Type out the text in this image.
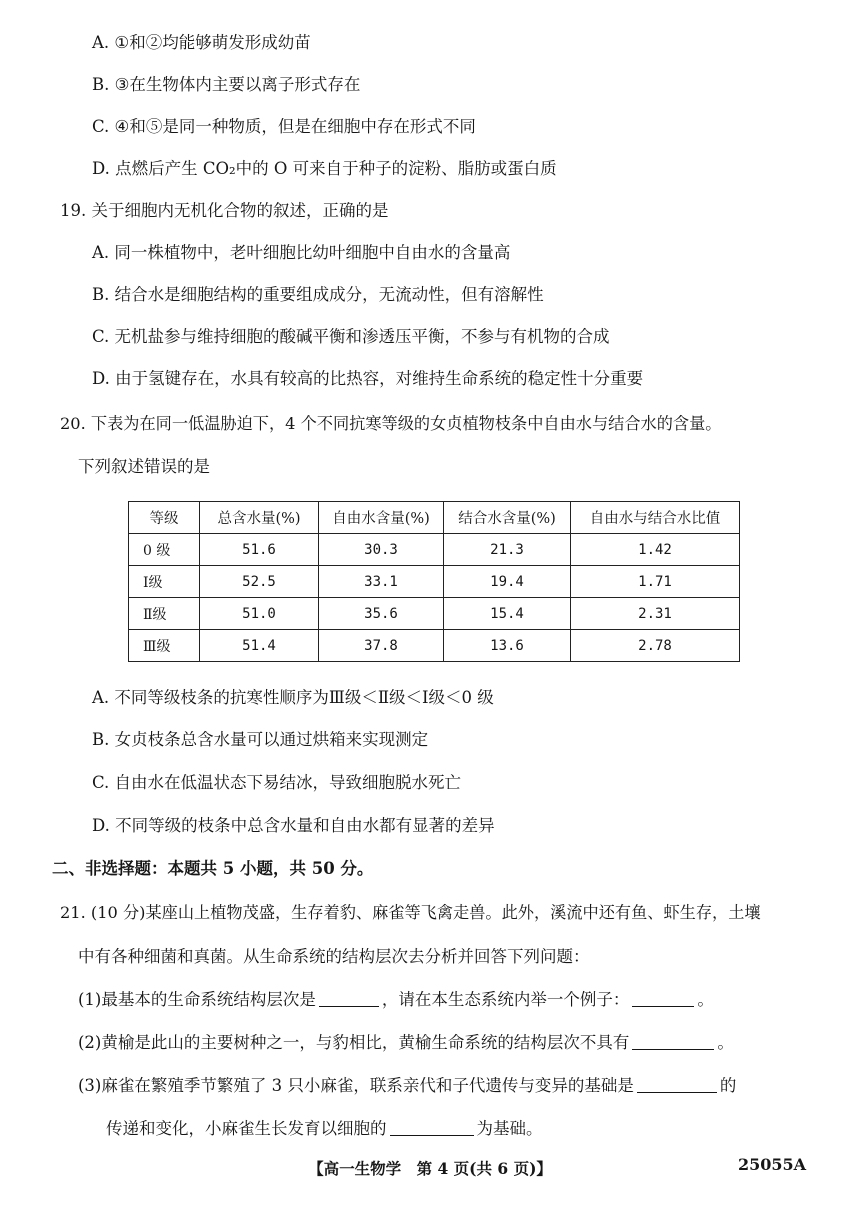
A. ①和②均能够萌发形成幼苗
B. ③在生物体内主要以离子形式存在
C. ④和⑤是同一种物质，但是在细胞中存在形式不同
D. 点燃后产生 CO₂中的 O 可来自于种子的淀粉、脂肪或蛋白质
19. 关于细胞内无机化合物的叙述，正确的是
A. 同一株植物中，老叶细胞比幼叶细胞中自由水的含量高
B. 结合水是细胞结构的重要组成成分，无流动性，但有溶解性
C. 无机盐参与维持细胞的酸碱平衡和渗透压平衡，不参与有机物的合成
D. 由于氢键存在，水具有较高的比热容，对维持生命系统的稳定性十分重要
20. 下表为在同一低温胁迫下，4 个不同抗寒等级的女贞植物枝条中自由水与结合水的含量。
下列叙述错误的是
等级	总含水量(%)	自由水含量(%)	结合水含量(%)	自由水与结合水比值
0 级	51.6	30.3	21.3	1.42
Ⅰ级	52.5	33.1	19.4	1.71
Ⅱ级	51.0	35.6	15.4	2.31
Ⅲ级	51.4	37.8	13.6	2.78
A. 不同等级枝条的抗寒性顺序为Ⅲ级＜Ⅱ级＜Ⅰ级＜0 级
B. 女贞枝条总含水量可以通过烘箱来实现测定
C. 自由水在低温状态下易结冰，导致细胞脱水死亡
D. 不同等级的枝条中总含水量和自由水都有显著的差异
二、非选择题：本题共 5 小题，共 50 分。
21. (10 分)某座山上植物茂盛，生存着豹、麻雀等飞禽走兽。此外，溪流中还有鱼、虾生存，土壤
中有各种细菌和真菌。从生命系统的结构层次去分析并回答下列问题：
(1)最基本的生命系统结构层次是	，请在本生态系统内举一个例子：	。
(2)黄榆是此山的主要树种之一，与豹相比，黄榆生命系统的结构层次不具有	。
(3)麻雀在繁殖季节繁殖了 3 只小麻雀，联系亲代和子代遗传与变异的基础是	的
传递和变化，小麻雀生长发育以细胞的	为基础。
【高一生物学　第 4 页(共 6 页)】	25055A
